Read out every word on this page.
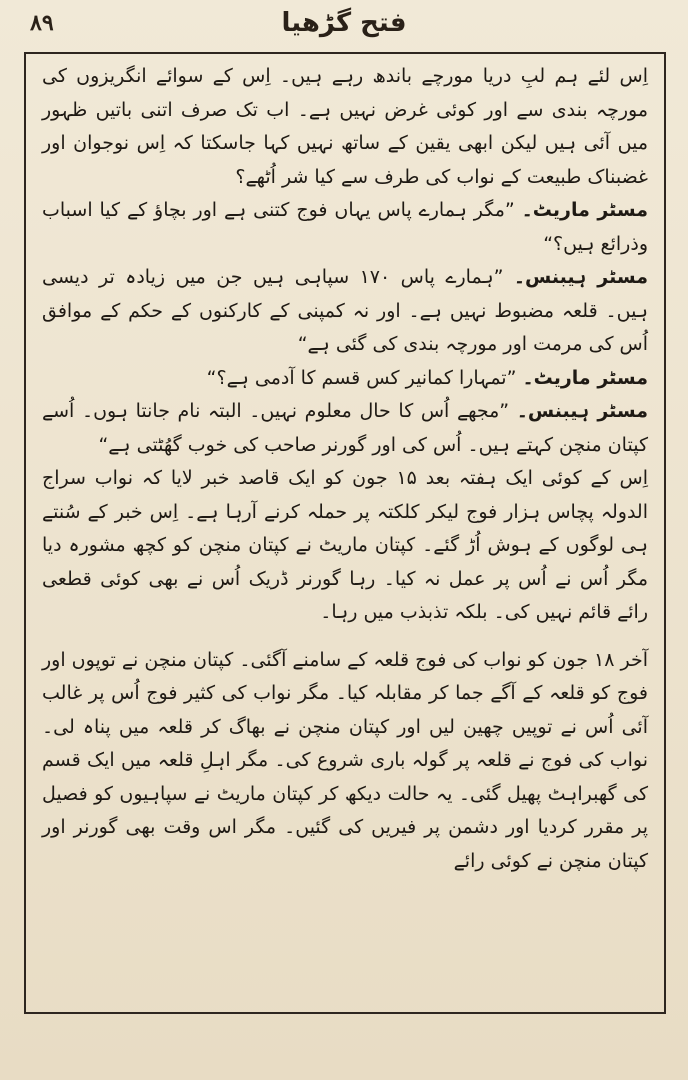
۸۹	فتح گڑھیا

اِس لئے ہم لبِ دریا مورچے باندھ رہے ہیں۔ اِس کے سوائے انگریزوں کی مورچہ بندی سے اور کوئی غرض نہیں ہے۔ اب تک صرف اتنی باتیں ظہور میں آئی ہیں لیکن ابھی یقین کے ساتھ نہیں کہا جاسکتا کہ اِس نوجوان اور غضبناک طبیعت کے نواب کی طرف سے کیا شر اُٹھے؟

مسٹر ماریٹ۔ ”مگر ہمارے پاس یہاں فوج کتنی ہے اور بچاؤ کے کیا اسباب وذرائع ہیں؟“

مسٹر ہیبنس۔ ”ہمارے پاس ۱۷۰ سپاہی ہیں جن میں زیادہ تر دیسی ہیں۔ قلعہ مضبوط نہیں ہے۔ اور نہ کمپنی کے کارکنوں کے حکم کے موافق اُس کی مرمت اور مورچہ بندی کی گئی ہے“

مسٹر ماریٹ۔ ”تمہارا کمانیر کس قسم کا آدمی ہے؟“

مسٹر ہیبنس۔ ”مجھے اُس کا حال معلوم نہیں۔ البتہ نام جانتا ہوں۔ اُسے کپتان منچن کہتے ہیں۔ اُس کی اور گورنر صاحب کی خوب گھُٹتی ہے“

اِس کے کوئی ایک ہفتہ بعد ۱۵ جون کو ایک قاصد خبر لایا کہ نواب سراج الدولہ پچاس ہزار فوج لیکر کلکتہ پر حملہ کرنے آرہا ہے۔ اِس خبر کے سُنتے ہی لوگوں کے ہوش اُڑ گئے۔ کپتان ماریٹ نے کپتان منچن کو کچھ مشورہ دیا مگر اُس نے اُس پر عمل نہ کیا۔ رہا گورنر ڈریک اُس نے بھی کوئی قطعی رائے قائم نہیں کی۔ بلکہ تذبذب میں رہا۔

آخر ۱۸ جون کو نواب کی فوج قلعہ کے سامنے آگئی۔ کپتان منچن نے توپوں اور فوج کو قلعہ کے آگے جما کر مقابلہ کیا۔ مگر نواب کی کثیر فوج اُس پر غالب آئی اُس نے توپیں چھین لیں اور کپتان منچن نے بھاگ کر قلعہ میں پناہ لی۔ نواب کی فوج نے قلعہ پر گولہ باری شروع کی۔ مگر اہلِ قلعہ میں ایک قسم کی گھبراہٹ پھیل گئی۔ یہ حالت دیکھ کر کپتان ماریٹ نے سپاہیوں کو فصیل پر مقرر کردیا اور دشمن پر فیریں کی گئیں۔ مگر اس وقت بھی گورنر اور کپتان منچن نے کوئی رائے
